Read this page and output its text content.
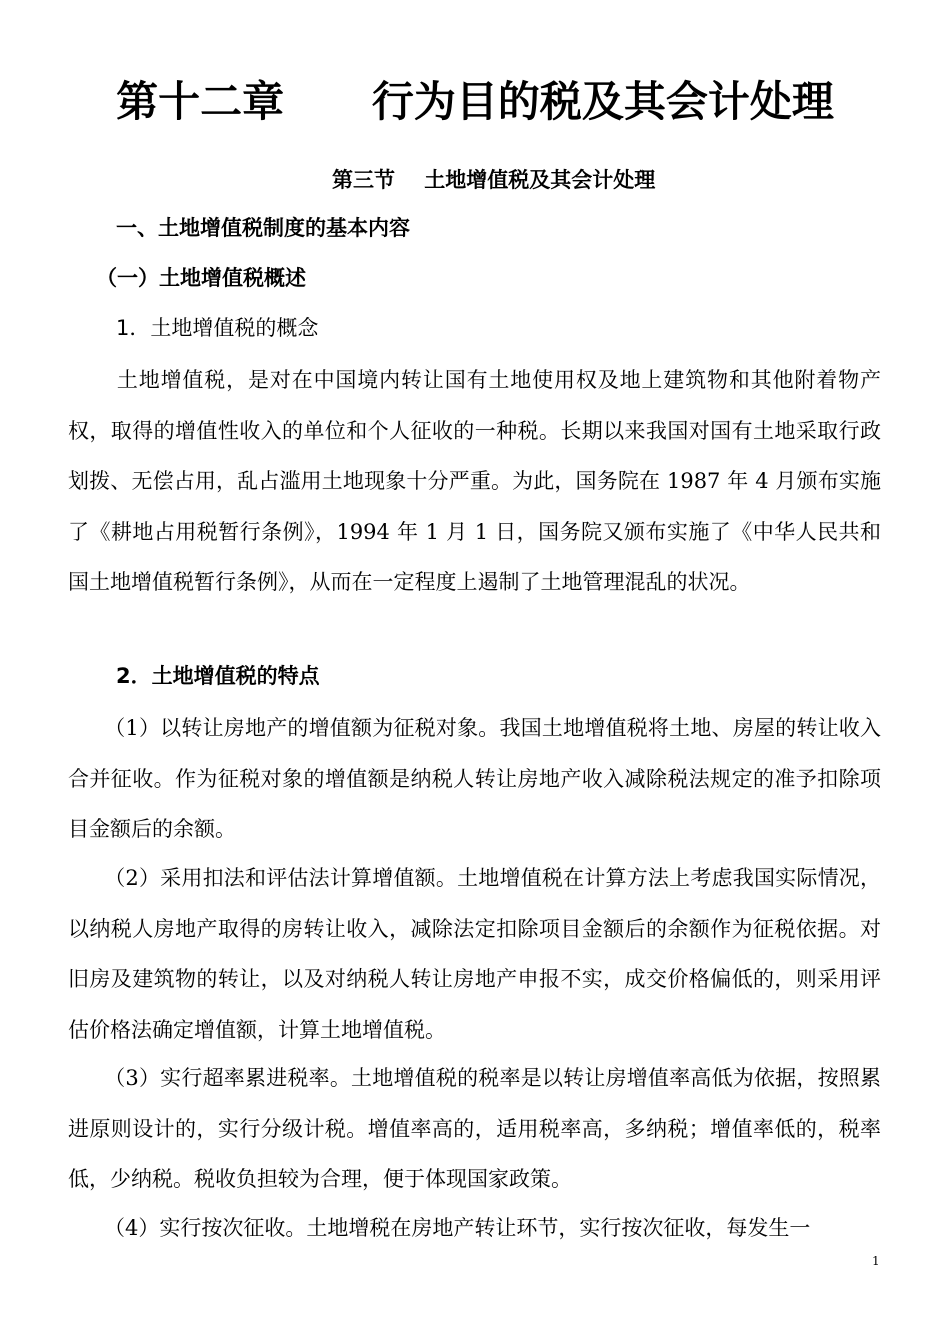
第十二章      行为目的税及其会计处理
第三节    土地增值税及其会计处理
一、土地增值税制度的基本内容
（一）土地增值税概述
1．土地增值税的概念
土地增值税，是对在中国境内转让国有土地使用权及地上建筑物和其他附着物产权，取得的增值性收入的单位和个人征收的一种税。长期以来我国对国有土地采取行政划拨、无偿占用，乱占滥用土地现象十分严重。为此，国务院在 1987 年 4 月颁布实施了《耕地占用税暂行条例》，1994 年 1 月 1 日，国务院又颁布实施了《中华人民共和国土地增值税暂行条例》，从而在一定程度上遏制了土地管理混乱的状况。
2．土地增值税的特点
（1）以转让房地产的增值额为征税对象。我国土地增值税将土地、房屋的转让收入合并征收。作为征税对象的增值额是纳税人转让房地产收入减除税法规定的准予扣除项目金额后的余额。
（2）采用扣法和评估法计算增值额。土地增值税在计算方法上考虑我国实际情况，以纳税人房地产取得的房转让收入，减除法定扣除项目金额后的余额作为征税依据。对旧房及建筑物的转让，以及对纳税人转让房地产申报不实，成交价格偏低的，则采用评估价格法确定增值额，计算土地增值税。
（3）实行超率累进税率。土地增值税的税率是以转让房增值率高低为依据，按照累进原则设计的，实行分级计税。增值率高的，适用税率高，多纳税；增值率低的，税率低，少纳税。税收负担较为合理，便于体现国家政策。
（4）实行按次征收。土地增税在房地产转让环节，实行按次征收，每发生一
1
